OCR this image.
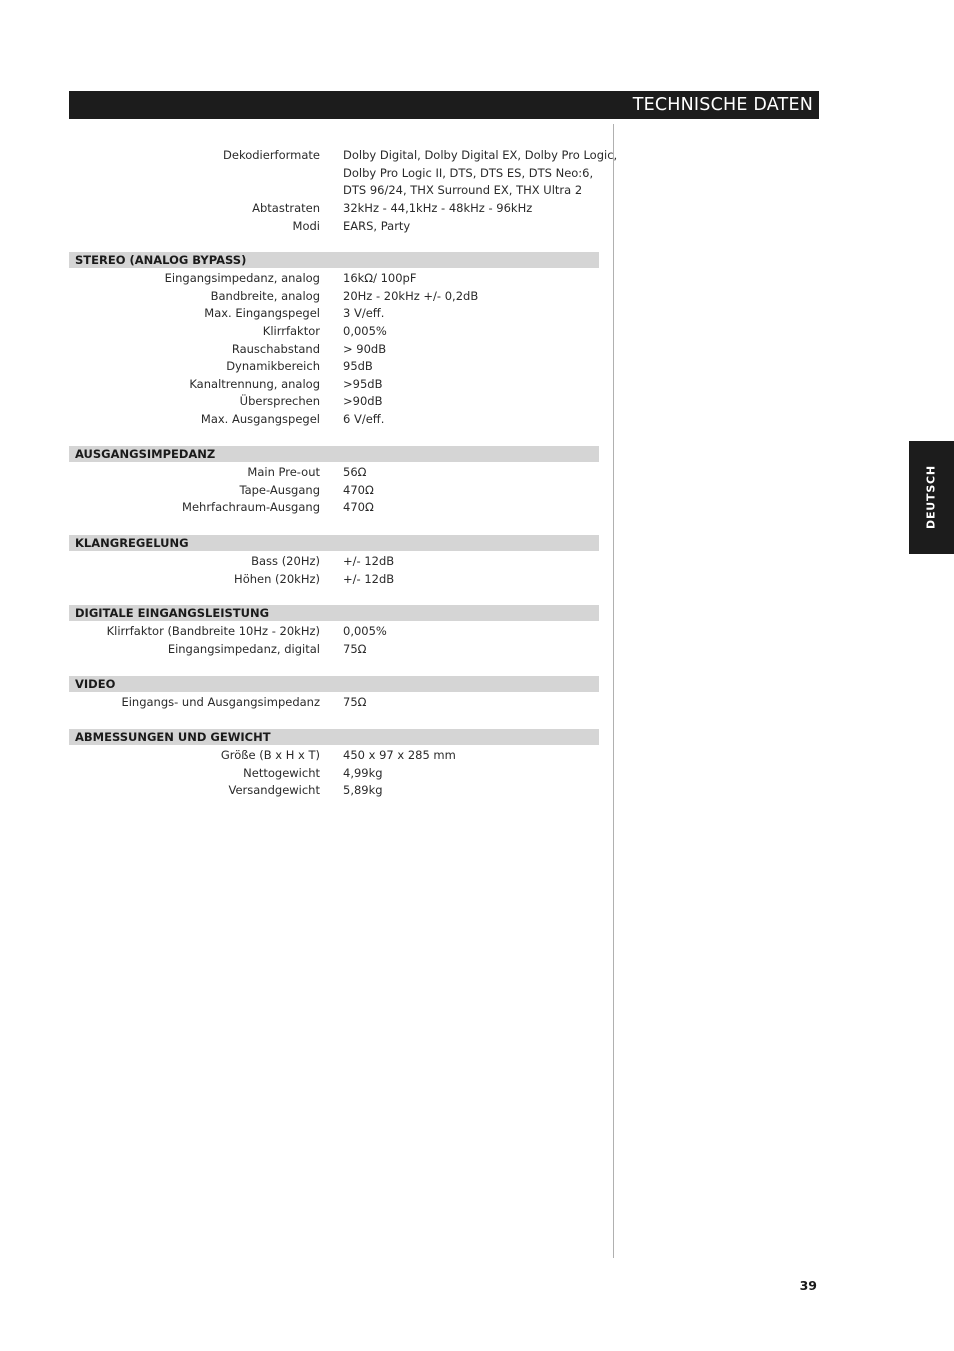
TECHNISCHE DATEN
DEUTSCH
Dekodierformate Dolby Digital, Dolby Digital EX, Dolby Pro Logic,
Dolby Pro Logic II, DTS, DTS ES, DTS Neo:6,
DTS 96/24, THX Surround EX, THX Ultra 2
Abtastraten 32kHz - 44,1kHz - 48kHz - 96kHz
Modi EARS, Party
STEREO (ANALOG BYPASS)
Eingangsimpedanz, analog 16kΩ/ 100pF
Bandbreite, analog 20Hz - 20kHz +/- 0,2dB
Max. Eingangspegel 3 V/eff.
Klirrfaktor 0,005%
Rauschabstand > 90dB
Dynamikbereich 95dB
Kanaltrennung, analog >95dB
Übersprechen >90dB
Max. Ausgangspegel 6 V/eff.
AUSGANGSIMPEDANZ
Main Pre-out 56Ω
Tape-Ausgang 470Ω
Mehrfachraum-Ausgang 470Ω
KLANGREGELUNG
Bass (20Hz) +/- 12dB
Höhen (20kHz) +/- 12dB
DIGITALE EINGANGSLEISTUNG
Klirrfaktor (Bandbreite 10Hz - 20kHz) 0,005%
Eingangsimpedanz, digital 75Ω
VIDEO
Eingangs- und Ausgangsimpedanz 75Ω
ABMESSUNGEN UND GEWICHT
Größe (B x H x T) 450 x 97 x 285 mm
Nettogewicht 4,99kg
Versandgewicht 5,89kg
39
